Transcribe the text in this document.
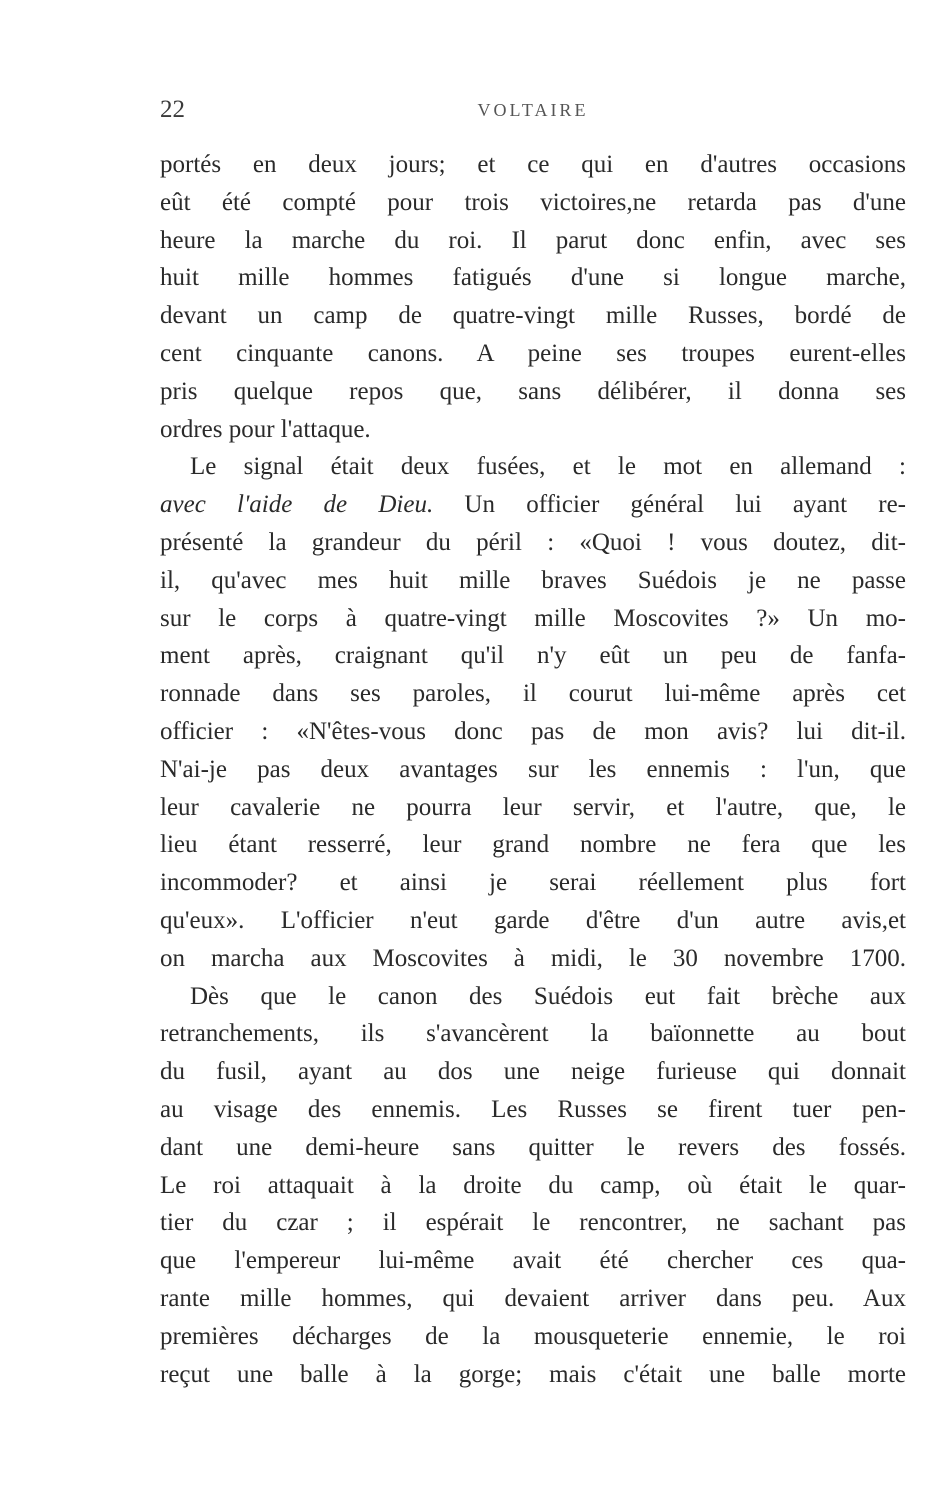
22	VOLTAIRE
portés en deux jours; et ce qui en d'autres occasions
eût été compté pour trois victoires,ne retarda pas d'une
heure la marche du roi. Il parut donc enfin, avec ses
huit mille hommes fatigués d'une si longue marche,
devant un camp de quatre-vingt mille Russes, bordé de
cent cinquante canons. A peine ses troupes eurent-elles
pris quelque repos que, sans délibérer, il donna ses
ordres pour l'attaque.
Le signal était deux fusées, et le mot en allemand :
avec l'aide de Dieu. Un officier général lui ayant re-
présenté la grandeur du péril : «Quoi ! vous doutez, dit-
il, qu'avec mes huit mille braves Suédois je ne passe
sur le corps à quatre-vingt mille Moscovites ?» Un mo-
ment après, craignant qu'il n'y eût un peu de fanfa-
ronnade dans ses paroles, il courut lui-même après cet
officier : «N'êtes-vous donc pas de mon avis? lui dit-il.
N'ai-je pas deux avantages sur les ennemis : l'un, que
leur cavalerie ne pourra leur servir, et l'autre, que, le
lieu étant resserré, leur grand nombre ne fera que les
incommoder? et ainsi je serai réellement plus fort
qu'eux». L'officier n'eut garde d'être d'un autre avis,et
on marcha aux Moscovites à midi, le 30 novembre 1700.
Dès que le canon des Suédois eut fait brèche aux
retranchements, ils s'avancèrent la baïonnette au bout
du fusil, ayant au dos une neige furieuse qui donnait
au visage des ennemis. Les Russes se firent tuer pen-
dant une demi-heure sans quitter le revers des fossés.
Le roi attaquait à la droite du camp, où était le quar-
tier du czar ; il espérait le rencontrer, ne sachant pas
que l'empereur lui-même avait été chercher ces qua-
rante mille hommes, qui devaient arriver dans peu. Aux
premières décharges de la mousqueterie ennemie, le roi
reçut une balle à la gorge; mais c'était une balle morte
